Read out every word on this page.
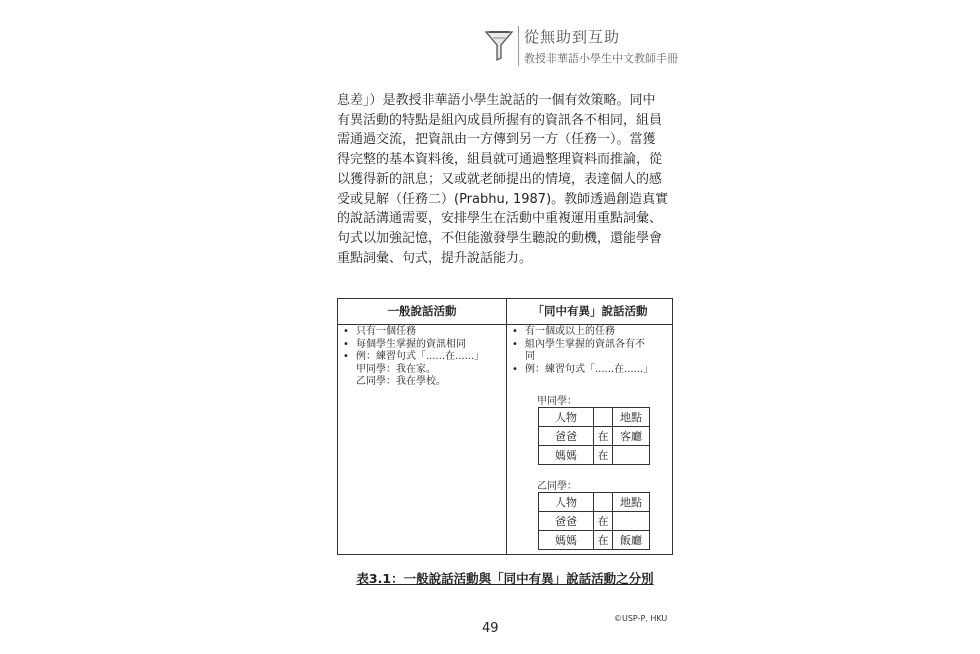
從無助到互助
教授非華語小學生中文教師手冊
息差」）是教授非華語小學生說話的一個有效策略。同中
有異活動的特點是組內成員所握有的資訊各不相同，組員
需通過交流，把資訊由一方傳到另一方（任務一）。當獲
得完整的基本資料後，組員就可通過整理資料而推論，從
以獲得新的訊息；又或就老師提出的情境，表達個人的感
受或見解（任務二）(Prabhu, 1987)。教師透過創造真實
的說話溝通需要，安排學生在活動中重複運用重點詞彙、
句式以加強記憶，不但能激發學生聽說的動機，還能學會
重點詞彙、句式，提升說話能力。
一般說話活動	「同中有異」說話活動
• 只有一個任務
• 每個學生掌握的資訊相同
• 例：練習句式「......在......」
甲同學：我在家。
乙同學：我在學校。
• 有一個或以上的任務
• 組內學生掌握的資訊各有不
同
• 例：練習句式「......在......」
甲同學：
人物		地點
爸爸	在	客廳
媽媽	在	
乙同學：
人物		地點
爸爸	在	
媽媽	在	飯廳
表3.1：一般說話活動與「同中有異」說話活動之分別
©USP-P, HKU
49
